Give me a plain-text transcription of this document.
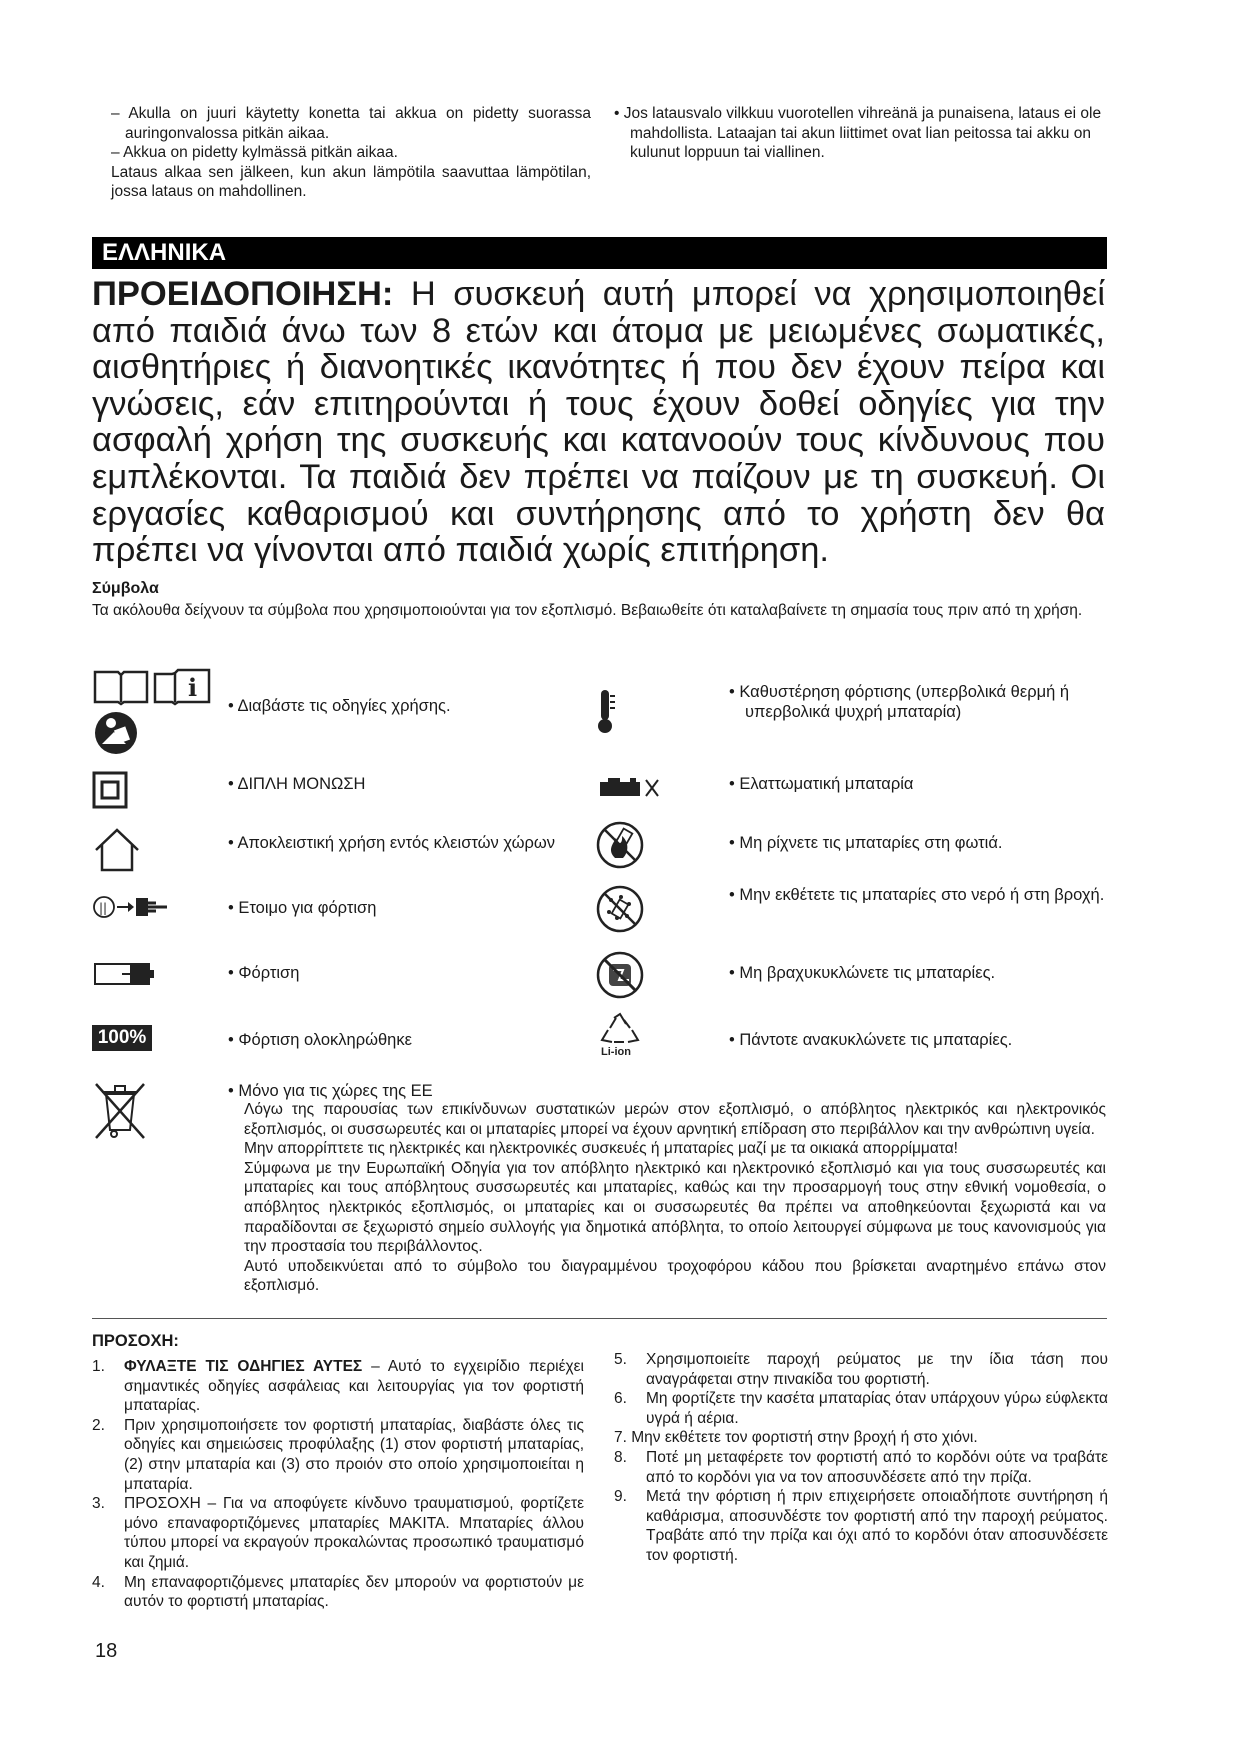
– Akulla on juuri käytetty konetta tai akkua on pidetty suorassa auringonvalossa pitkän aikaa.
– Akkua on pidetty kylmässä pitkän aikaa.
Lataus alkaa sen jälkeen, kun akun lämpötila saavuttaa lämpötilan, jossa lataus on mahdollinen.
• Jos latausvalo vilkkuu vuorotellen vihreänä ja punaisena, lataus ei ole mahdollista. Lataajan tai akun liittimet ovat lian peitossa tai akku on kulunut loppuun tai viallinen.
ΕΛΛΗΝΙΚΑ
ΠΡΟΕΙΔΟΠΟΙΗΣΗ: Η συσκευή αυτή μπορεί να χρησιμοποιηθεί από παιδιά άνω των 8 ετών και άτομα με μειωμένες σωματικές, αισθητήριες ή διανοητικές ικανότητες ή που δεν έχουν πείρα και γνώσεις, εάν επιτηρούνται ή τους έχουν δοθεί οδηγίες για την ασφαλή χρήση της συσκευής και κατανοούν τους κίνδυνους που εμπλέκονται. Τα παιδιά δεν πρέπει να παίζουν με τη συσκευή. Οι εργασίες καθαρισμού και συντήρησης από το χρήστη δεν θα πρέπει να γίνονται από παιδιά χωρίς επιτήρηση.
Σύμβολα
Τα ακόλουθα δείχνουν τα σύμβολα που χρησιμοποιούνται για τον εξοπλισμό. Βεβαιωθείτε ότι καταλαβαίνετε τη σημασία τους πριν από τη χρήση.
i
||
100%
• Διαβάστε τις οδηγίες χρήσης.
• ΔΙΠΛΗ ΜΟΝΩΣΗ
• Αποκλειστική χρήση εντός κλειστών χώρων
• Ετοιμο για φόρτιση
• Φόρτιση
• Φόρτιση ολοκληρώθηκε
• Μόνο για τις χώρες της ΕΕ
Li-ion
• Καθυστέρηση φόρτισης (υπερβολικά θερμή ή υπερβολικά ψυχρή μπαταρία)
• Ελαττωματική μπαταρία
• Μη ρίχνετε τις μπαταρίες στη φωτιά.
• Μην εκθέτετε τις μπαταρίες στο νερό ή στη βροχή.
• Μη βραχυκυκλώνετε τις μπαταρίες.
• Πάντοτε ανακυκλώνετε τις μπαταρίες.
Λόγω της παρουσίας των επικίνδυνων συστατικών μερών στον εξοπλισμό, ο απόβλητος ηλεκτρικός και ηλεκτρονικός εξοπλισμός, οι συσσωρευτές και οι μπαταρίες μπορεί να έχουν αρνητική επίδραση στο περιβάλλον και την ανθρώπινη υγεία.
Μην απορρίπτετε τις ηλεκτρικές και ηλεκτρονικές συσκευές ή μπαταρίες μαζί με τα οικιακά απορρίμματα!
Σύμφωνα με την Ευρωπαϊκή Οδηγία για τον απόβλητο ηλεκτρικό και ηλεκτρονικό εξοπλισμό και για τους συσσωρευτές και μπαταρίες και τους απόβλητους συσσωρευτές και μπαταρίες, καθώς και την προσαρμογή τους στην εθνική νομοθεσία, ο απόβλητος ηλεκτρικός εξοπλισμός, οι μπαταρίες και οι συσσωρευτές θα πρέπει να αποθηκεύονται ξεχωριστά και να παραδίδονται σε ξεχωριστό σημείο συλλογής για δημοτικά απόβλητα, το οποίο λειτουργεί σύμφωνα με τους κανονισμούς για την προστασία του περιβάλλοντος.
Αυτό υποδεικνύεται από το σύμβολο του διαγραμμένου τροχοφόρου κάδου που βρίσκεται αναρτημένο επάνω στον εξοπλισμό.
ΠΡΟΣΟΧΗ:
1. ΦΥΛΑΞΤΕ ΤΙΣ ΟΔΗΓΙΕΣ ΑΥΤΕΣ – Αυτό το εγχειρίδιο περιέχει σημαντικές οδηγίες ασφάλειας και λειτουργίας για τον φορτιστή μπαταρίας.
2. Πριν χρησιμοποιήσετε τον φορτιστή μπαταρίας, διαβάστε όλες τις οδηγίες και σημειώσεις προφύλαξης (1) στον φορτιστή μπαταρίας, (2) στην μπαταρία και (3) στο προιόν στο οποίο χρησιμοποιείται η μπαταρία.
3. ΠΡΟΣΟΧΗ – Για να αποφύγετε κίνδυνο τραυματισμού, φορτίζετε μόνο επαναφορτιζόμενες μπαταρίες MAKITA. Μπαταρίες άλλου τύπου μπορεί να εκραγούν προκαλώντας προσωπικό τραυματισμό και ζημιά.
4. Μη επαναφορτιζόμενες μπαταρίες δεν μπορούν να φορτιστούν με αυτόν το φορτιστή μπαταρίας.
5. Χρησιμοποιείτε παροχή ρεύματος με την ίδια τάση που αναγράφεται στην πινακίδα του φορτιστή.
6. Μη φορτίζετε την κασέτα μπαταρίας όταν υπάρχουν γύρω εύφλεκτα υγρά ή αέρια.
7. Μην εκθέτετε τον φορτιστή στην βροχή ή στο χιόνι.
8. Ποτέ μη μεταφέρετε τον φορτιστή από το κορδόνι ούτε να τραβάτε από το κορδόνι για να τον αποσυνδέσετε από την πρίζα.
9. Μετά την φόρτιση ή πριν επιχειρήσετε οποιαδήποτε συντήρηση ή καθάρισμα, αποσυνδέστε τον φορτιστή από την παροχή ρεύματος. Τραβάτε από την πρίζα και όχι από το κορδόνι όταν αποσυνδέσετε τον φορτιστή.
18
